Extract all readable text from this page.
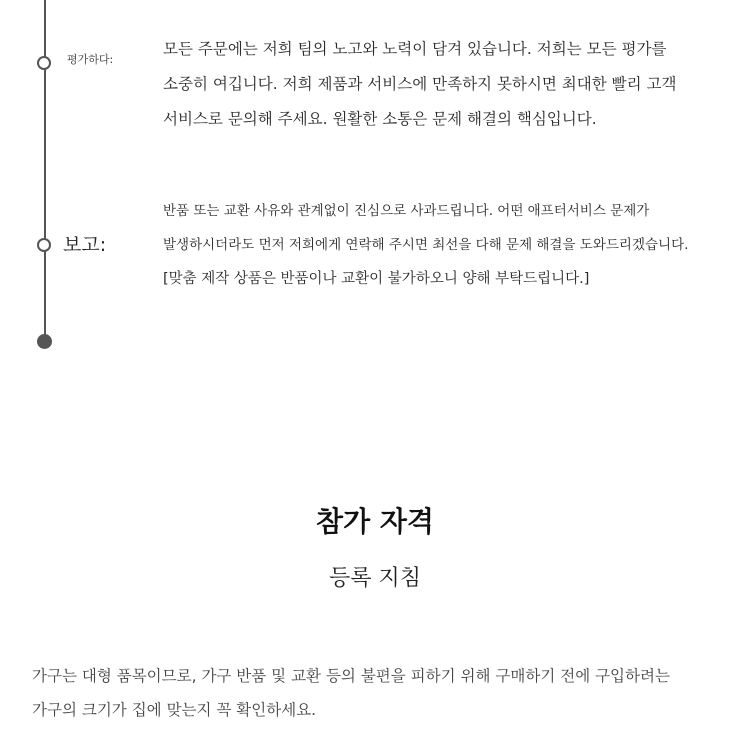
평가하다:

모든 주문에는 저희 팀의 노고와 노력이 담겨 있습니다. 저희는 모든 평가를
소중히 여깁니다. 저희 제품과 서비스에 만족하지 못하시면 최대한 빨리 고객
서비스로 문의해 주세요. 원활한 소통은 문제 해결의 핵심입니다.

보고:

반품 또는 교환 사유와 관계없이 진심으로 사과드립니다. 어떤 애프터서비스 문제가
발생하시더라도 먼저 저희에게 연락해 주시면 최선을 다해 문제 해결을 도와드리겠습니다.
[맞춤 제작 상품은 반품이나 교환이 불가하오니 양해 부탁드립니다.]

참가 자격
등록 지침

가구는 대형 품목이므로, 가구 반품 및 교환 등의 불편을 피하기 위해 구매하기 전에 구입하려는
가구의 크기가 집에 맞는지 꼭 확인하세요.
